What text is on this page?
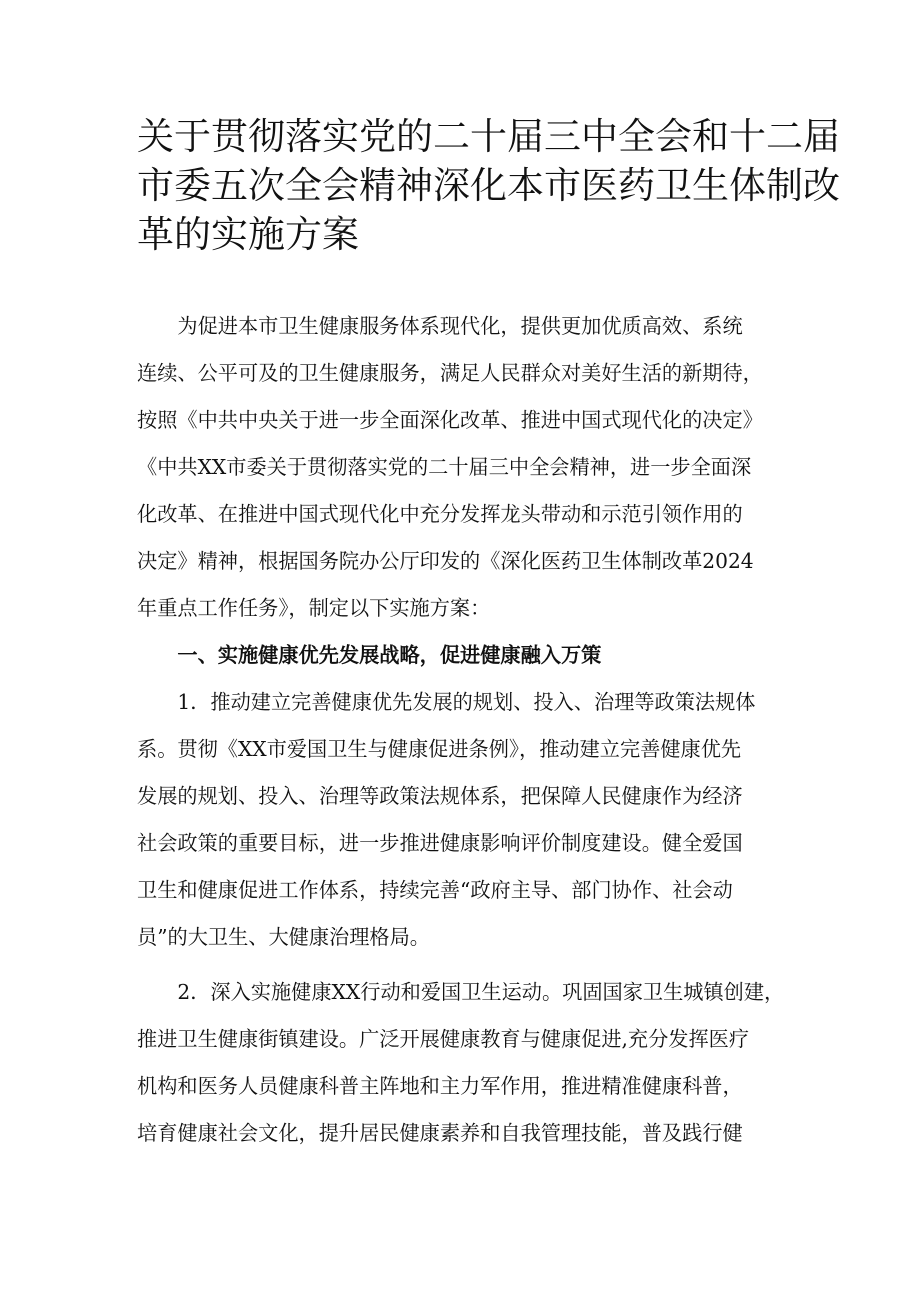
关于贯彻落实党的二十届三中全会和十二届
市委五次全会精神深化本市医药卫生体制改
革的实施方案

　　为促进本市卫生健康服务体系现代化，提供更加优质高效、系统
连续、公平可及的卫生健康服务，满足人民群众对美好生活的新期待，
按照《中共中央关于进一步全面深化改革、推进中国式现代化的决定》
《中共XX市委关于贯彻落实党的二十届三中全会精神，进一步全面深
化改革、在推进中国式现代化中充分发挥龙头带动和示范引领作用的
决定》精神，根据国务院办公厅印发的《深化医药卫生体制改革2024
年重点工作任务》，制定以下实施方案：

　　一、实施健康优先发展战略，促进健康融入万策

　　1．推动建立完善健康优先发展的规划、投入、治理等政策法规体
系。贯彻《XX市爱国卫生与健康促进条例》，推动建立完善健康优先
发展的规划、投入、治理等政策法规体系，把保障人民健康作为经济
社会政策的重要目标，进一步推进健康影响评价制度建设。健全爱国
卫生和健康促进工作体系，持续完善“政府主导、部门协作、社会动
员”的大卫生、大健康治理格局。

　　2．深入实施健康XX行动和爱国卫生运动。巩固国家卫生城镇创建，
推进卫生健康街镇建设。广泛开展健康教育与健康促进,充分发挥医疗
机构和医务人员健康科普主阵地和主力军作用，推进精准健康科普，
培育健康社会文化，提升居民健康素养和自我管理技能，普及践行健
